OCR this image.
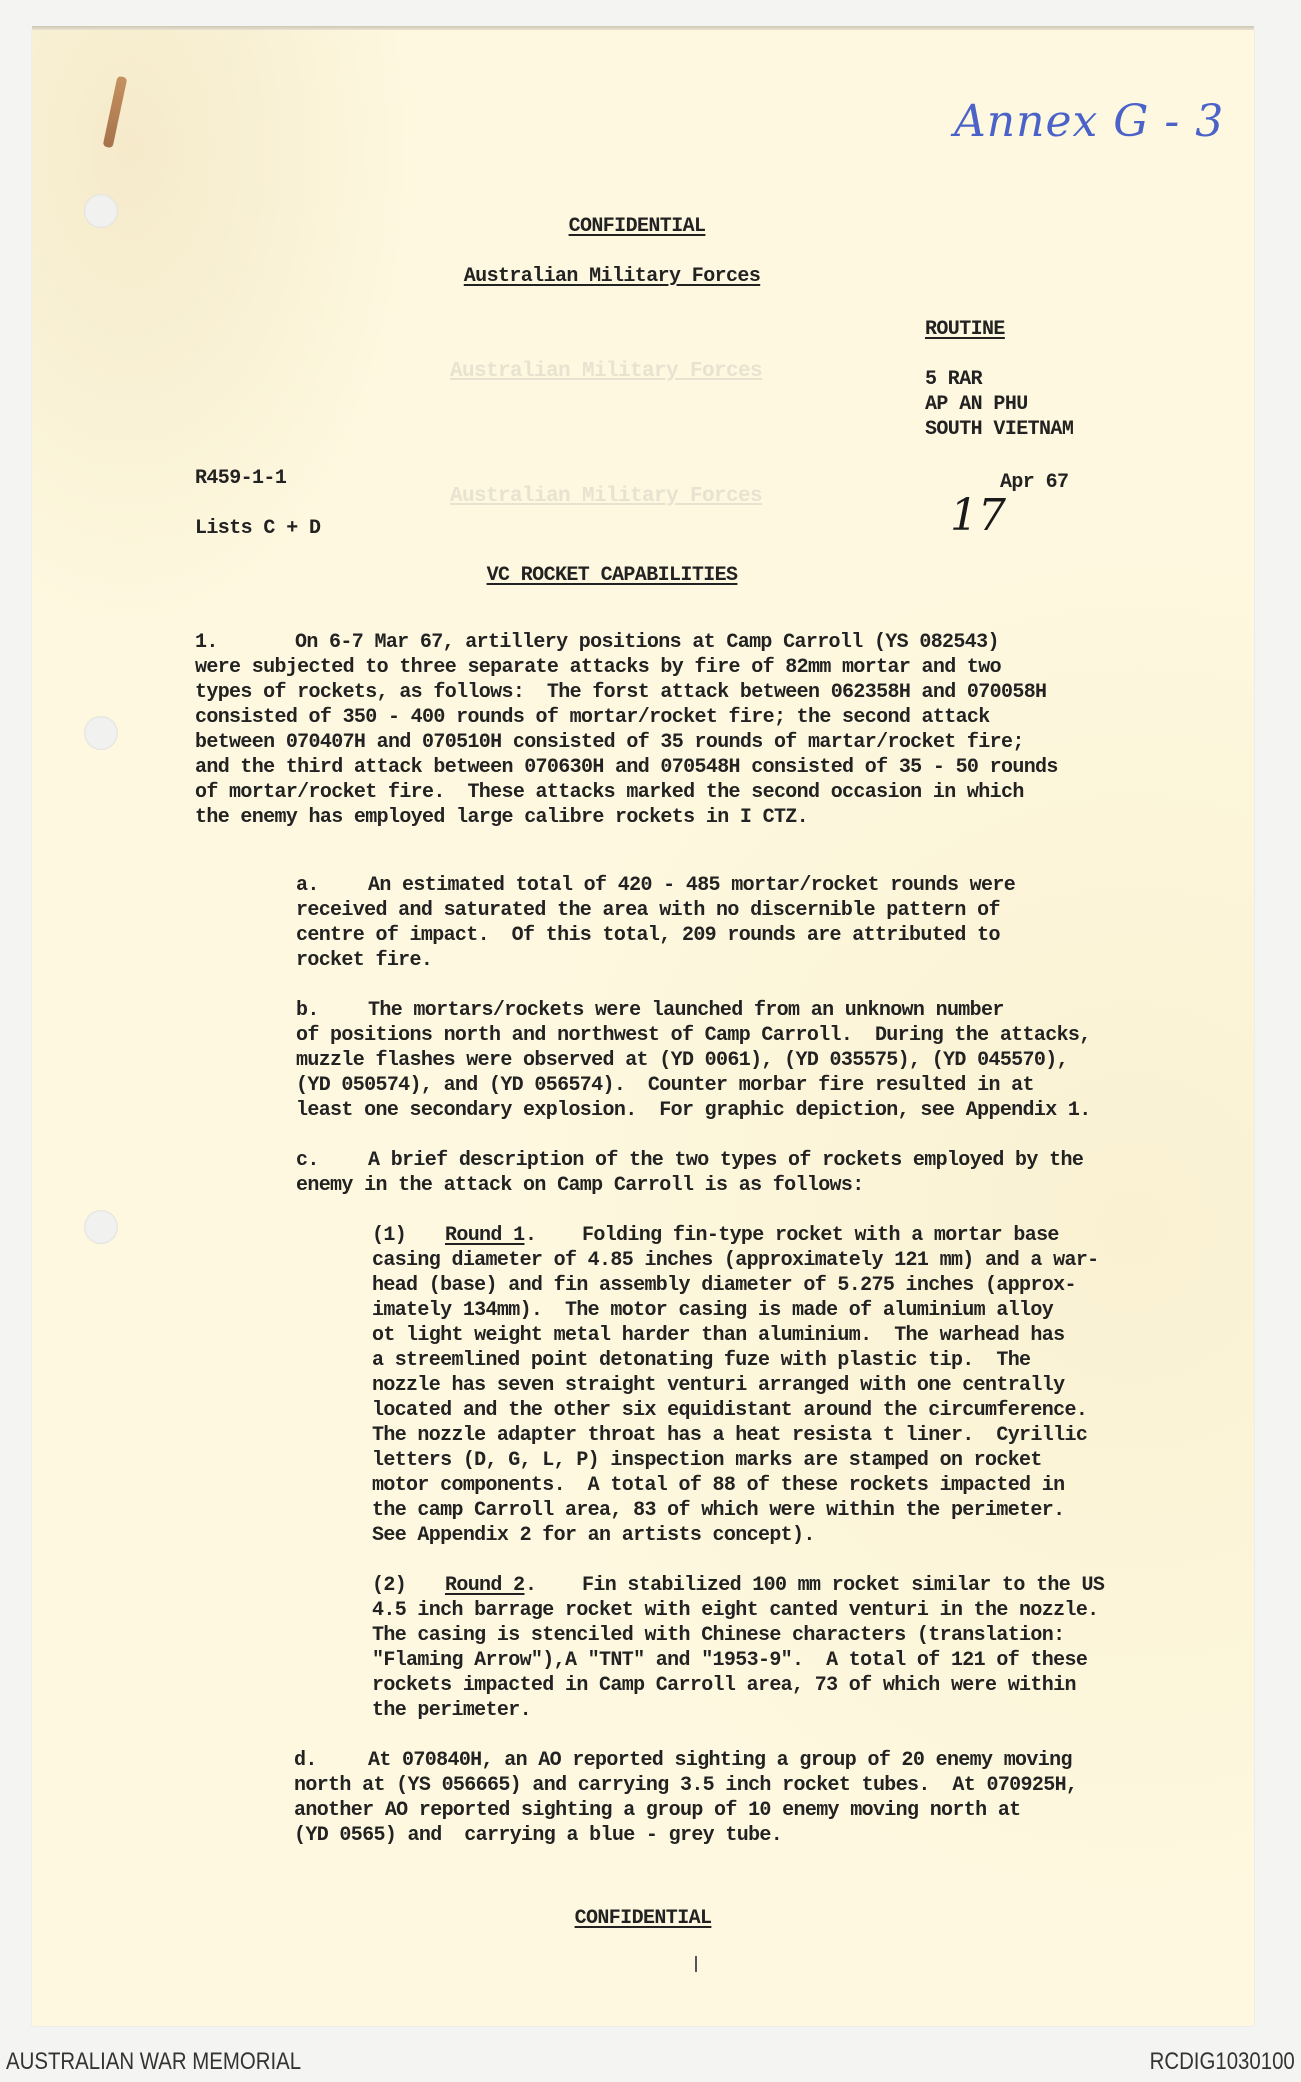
Annex G - 3
CONFIDENTIAL
Australian Military Forces
Australian Military Forces
Australian Military Forces
ROUTINE
5 RAR
AP AN PHU
SOUTH VIETNAM
17
Apr 67
R459-1-1
Lists C + D
VC ROCKET CAPABILITIES
1.	On 6-7 Mar 67, artillery positions at Camp Carroll (YS 082543)
were subjected to three separate attacks by fire of 82mm mortar and two
types of rockets, as follows:  The forst attack between 062358H and 070058H
consisted of 350 - 400 rounds of mortar/rocket fire; the second attack
between 070407H and 070510H consisted of 35 rounds of martar/rocket fire;
and the third attack between 070630H and 070548H consisted of 35 - 50 rounds
of mortar/rocket fire.  These attacks marked the second occasion in which
the enemy has employed large calibre rockets in I CTZ.
a. An estimated total of 420 - 485 mortar/rocket rounds were
received and saturated the area with no discernible pattern of
centre of impact.  Of this total, 209 rounds are attributed to
rocket fire.
b. The mortars/rockets were launched from an unknown number
of positions north and northwest of Camp Carroll.  During the attacks,
muzzle flashes were observed at (YD 0061), (YD 035575), (YD 045570),
(YD 050574), and (YD 056574).  Counter morbar fire resulted in at
least one secondary explosion.  For graphic depiction, see Appendix 1.
c. A brief description of the two types of rockets employed by the
enemy in the attack on Camp Carroll is as follows:
(1) Round 1 . Folding fin-type rocket with a mortar base
casing diameter of 4.85 inches (approximately 121 mm) and a war-
head (base) and fin assembly diameter of 5.275 inches (approx-
imately 134mm).  The motor casing is made of aluminium alloy
ot light weight metal harder than aluminium.  The warhead has
a streemlined point detonating fuze with plastic tip.  The
nozzle has seven straight venturi arranged with one centrally
located and the other six equidistant around the circumference.
The nozzle adapter throat has a heat resista t liner.  Cyrillic
letters (D, G, L, P) inspection marks are stamped on rocket
motor components.  A total of 88 of these rockets impacted in
the camp Carroll area, 83 of which were within the perimeter.
See Appendix 2 for an artists concept).
(2) Round 2 . Fin stabilized 100 mm rocket similar to the US
4.5 inch barrage rocket with eight canted venturi in the nozzle.
The casing is stenciled with Chinese characters (translation:
"Flaming Arrow"),A "TNT" and "1953-9".  A total of 121 of these
rockets impacted in Camp Carroll area, 73 of which were within
the perimeter.
d.	At 070840H, an AO reported sighting a group of 20 enemy moving
north at (YS 056665) and carrying 3.5 inch rocket tubes.  At 070925H,
another AO reported sighting a group of 10 enemy moving north at
(YD 0565) and  carrying a blue - grey tube.
CONFIDENTIAL
AUSTRALIAN WAR MEMORIAL	RCDIG1030100
